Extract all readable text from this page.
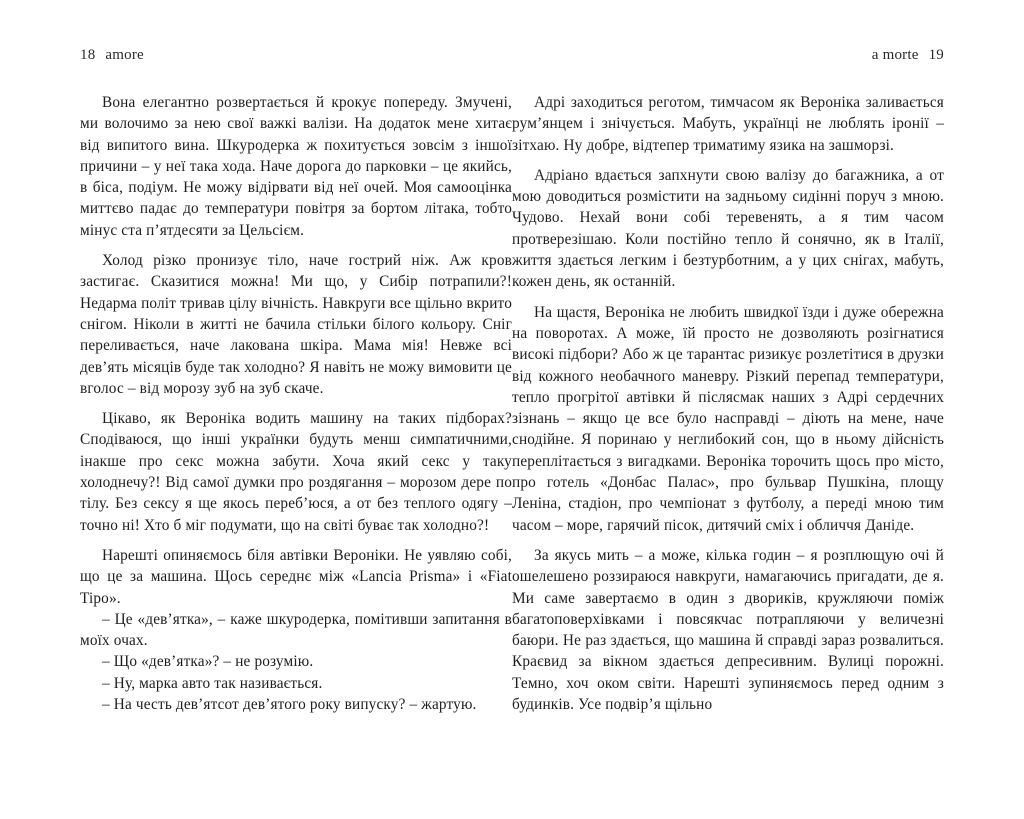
18 amore

Вона елегантно розвертається й крокує попереду. Змучені, ми волочимо за нею свої важкі валізи. На додаток мене хитає від випитого вина. Шкуродерка ж похитується зовсім з іншої причини – у неї така хода. Наче дорога до парковки – це якийсь, в біса, подіум. Не можу відірвати від неї очей. Моя самооцінка миттєво падає до температури повітря за бортом літака, тобто мінус ста п’ятдесяти за Цельсієм.

Холод різко пронизує тіло, наче гострий ніж. Аж кров застигає. Сказитися можна! Ми що, у Сибір потрапили?! Недарма політ тривав цілу вічність. Навкруги все щільно вкрито снігом. Ніколи в житті не бачила стільки білого кольору. Сніг переливається, наче лакована шкіра. Мама мія! Невже всі дев’ять місяців буде так холодно? Я навіть не можу вимовити це вголос – від морозу зуб на зуб скаче.

Цікаво, як Вероніка водить машину на таких підборах? Сподіваюся, що інші українки будуть менш симпатичними, інакше про секс можна забути. Хоча який секс у таку холоднечу?! Від самої думки про роздягання – морозом дере по тілу. Без сексу я ще якось переб’юся, а от без теплого одягу – точно ні! Хто б міг подумати, що на світі буває так холодно?!

Нарешті опиняємось біля автівки Вероніки. Не уявляю собі, що це за машина. Щось середнє між «Lancia Prisma» і «Fiat Tipo».

– Це «дев’ятка», – каже шкуродерка, помітивши запитання в моїх очах.

– Що «дев’ятка»? – не розумію.

– Ну, марка авто так називається.

– На честь дев’ятсот дев’ятого року випуску? – жартую.

a morte 19

Адрі заходиться реготом, тимчасом як Вероніка заливається рум’янцем і знічується. Мабуть, українці не люблять іронії – зітхаю. Ну добре, відтепер триматиму язика на зашморзі.

Адріано вдається запхнути свою валізу до багажника, а от мою доводиться розмістити на задньому сидінні поруч з мною. Чудово. Нехай вони собі теревенять, а я тим часом протверезішаю. Коли постійно тепло й сонячно, як в Італії, життя здається легким і безтурботним, а у цих снігах, мабуть, кожен день, як останній.

На щастя, Вероніка не любить швидкої їзди і дуже обережна на поворотах. А може, їй просто не дозволяють розігнатися високі підбори? Або ж це тарантас ризикує розлетітися в друзки від кожного необачного маневру. Різкий перепад температури, тепло прогрітої автівки й післясмак наших з Адрі сердечних зізнань – якщо це все було насправді – діють на мене, наче снодійне. Я поринаю у неглибокий сон, що в ньому дійсність переплітається з вигадками. Вероніка торочить щось про місто, про готель «Донбас Палас», про бульвар Пушкіна, площу Леніна, стадіон, про чемпіонат з футболу, а переді мною тим часом – море, гарячий пісок, дитячий сміх і обличчя Даніде.

За якусь мить – а може, кілька годин – я розплющую очі й ошелешено роззираюся навкруги, намагаючись пригадати, де я. Ми саме завертаємо в один з двориків, кружляючи поміж багатоповерхівками і повсякчас потрапляючи у величезні баюри. Не раз здається, що машина й справді зараз розвалиться. Краєвид за вікном здається депресивним. Вулиці порожні. Темно, хоч оком світи. Нарешті зупиняємось перед одним з будинків. Усе подвір’я щільно
